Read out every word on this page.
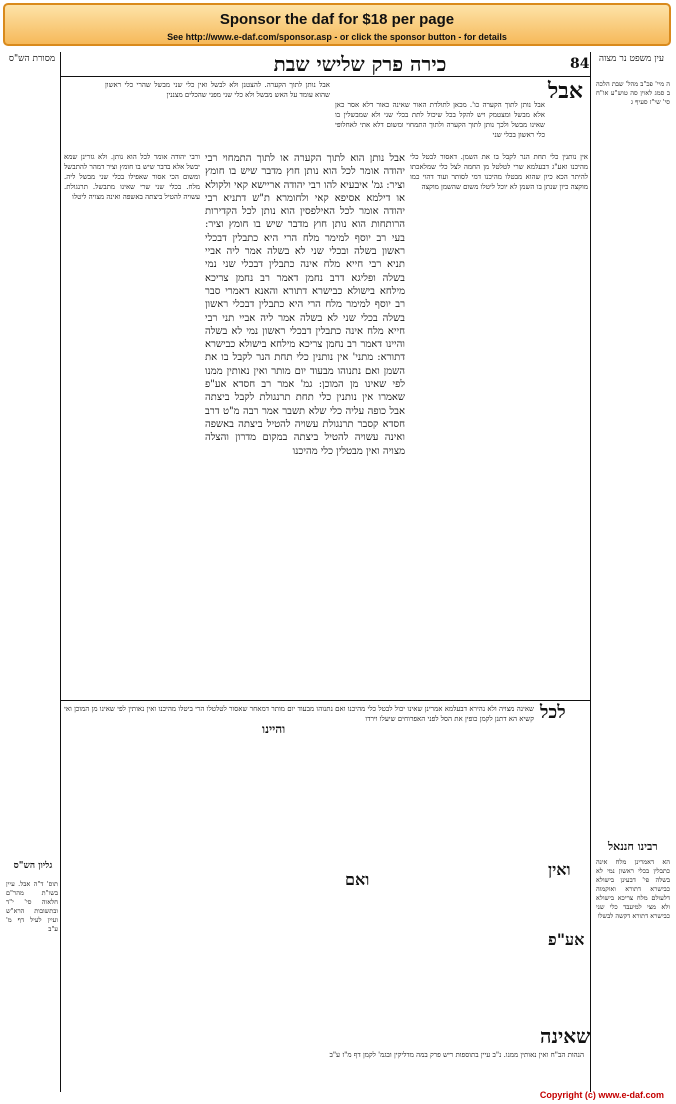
Sponsor the daf for $18 per page
See http://www.e-daf.com/sponsor.asp - or click the sponsor button - for details
כירה פרק שלישי שבת	84	עין משפט נר מצוה
מסורת הש"ס
אבל
לכל
והיינו
שאינה
אע"פ
ואם
ואין
אבל נותן לתוך הקערה כו'. מכאן לתולדת האור שאינה כאור דלא אסר כאן אלא מבשל ומצטמק ויש להקל בכל שיכול לתת בכלי שני ולא שמבשלין בו שאינו מבשל ולכך נותן לתוך הקערה ולתוך התמחוי ומשום דלא אתי לאחלופי כלי ראשון בכלי שני
אבל נותן לתוך הקערה. להצטנן ולא לבשל ואין כלי שני מבשל שהרי כלי ראשון שהוא עומד על האש מבשל ולא כלי שני מפני שהכלים מצננין
אבל נותן הוא לתוך הקערה או לתוך התמחוי רבי יהודה אומר לכל הוא נותן חוץ מדבר שיש בו חומץ וציר: גמ' איבעיא להו רבי יהודה אריישא קאי ולקולא או דילמא אסיפא קאי ולחומרא ת"ש דתניא רבי יהודה אומר לכל האילפסין הוא נותן לכל הקדירות הרותחות הוא נותן חוץ מדבר שיש בו חומץ וציר: בעי רב יוסף למימר מלח הרי היא כתבלין דבכלי ראשון בשלה ובכלי שני לא בשלה אמר ליה אביי תניא רבי חייא מלח אינה כתבלין דבכלי שני נמי בשלה ופליגא דרב נחמן דאמר רב נחמן צריכא מילחא בישולא כבישרא דתורא והאנא דאמרי סבר רב יוסף למימר מלח הרי היא כתבלין דבכלי ראשון בשלה בכלי שני לא בשלה אמר ליה אביי תני רבי חייא מלח אינה כתבלין דבכלי ראשון נמי לא בשלה והיינו דאמר רב נחמן צריכא מילחא בישולא כבישרא דתורא: מתני' אין נותנין כלי תחת הנר לקבל בו את השמן ואם נתנוהו מבעוד יום מותר ואין נאותין ממנו לפי שאינו מן המוכן: גמ' אמר רב חסדא אע"פ שאמרו אין נותנין כלי תחת תרנגולת לקבל ביצתה אבל כופה עליה כלי שלא תשבר אמר רבה מ"ט דרב חסדא קסבר תרנגולת עשויה להטיל ביצתה באשפה ואינה עשויה להטיל ביצתה במקום מדרון והצלה מצויה ואין מבטלין כלי מהיכנו
אין נותנין כלי תחת הנר לקבל בו את השמן. דאסור לבטל כלי מהיכנו ואע"ג דבעלמא שרי לטלטל מן החמה לצל כלי שמלאכתו להיתר הכא כיון שהוא מבטלו מהיכנו דמי לסותר ועוד דהוי כמו מוקצה כיון שנתן בו השמן לא יוכל ליטלו משום שהשמן מוקצה
ורבי יהודה אומר לכל הוא נותן. ולא גזרינן שמא יבשל אלא בדבר שיש בו חומץ וציר דמהר להתבשל ומשום הכי אסור שאפילו בכלי שני מבשל ליה. מלח. בכלי שני שרי שאינו מתבשל. תרנגולת. עשויה להטיל ביצתה באשפה ואינה מצויה ליטלו
ה מיי' פכ"ב מהל' שבת הלכה ב סמג לאוין סה טוש"ע או"ח סי' שי"ז סעיף ג
רבינו חננאל
הא דאמרינן מלח אינה כתבלין בכלי ראשון נמי לא בשלה פי' דבעינן בישולא כבישרא דתורא ואוקמוה דלעולם מלח צריכא בישולא ולא מצי למיעבד כלי שני כבישרא דתורא דקשה לבשלו
גליון הש"ס
תוס' ד"ה אבל. עיין בשו"ת מהר"ם חלאוה סי' י"ד ובתשובות הרא"ש ועיין לעיל דף מ' ע"ב
שאינה מצויה ולא נהירא דבעלמא אמרינן שאינו יכול לבטל כלי מהיכנו ואם נתנוהו מבעוד יום מותר דמאחר שאסור לטלטלו הרי ביטלו מהיכנו ואין נאותין לפי שאינו מן המוכן ואי קשיא הא דתנן לקמן כופין את הסל לפני האפרוחים שיעלו וירדו
הנהות הב"ח ואין נאותין ממנו. נ"ב עיין בתוספות ריש פרק במה מדליקין ובגמ' לקמן דף מ"ז ע"ב
Copyright (c) www.e-daf.com
